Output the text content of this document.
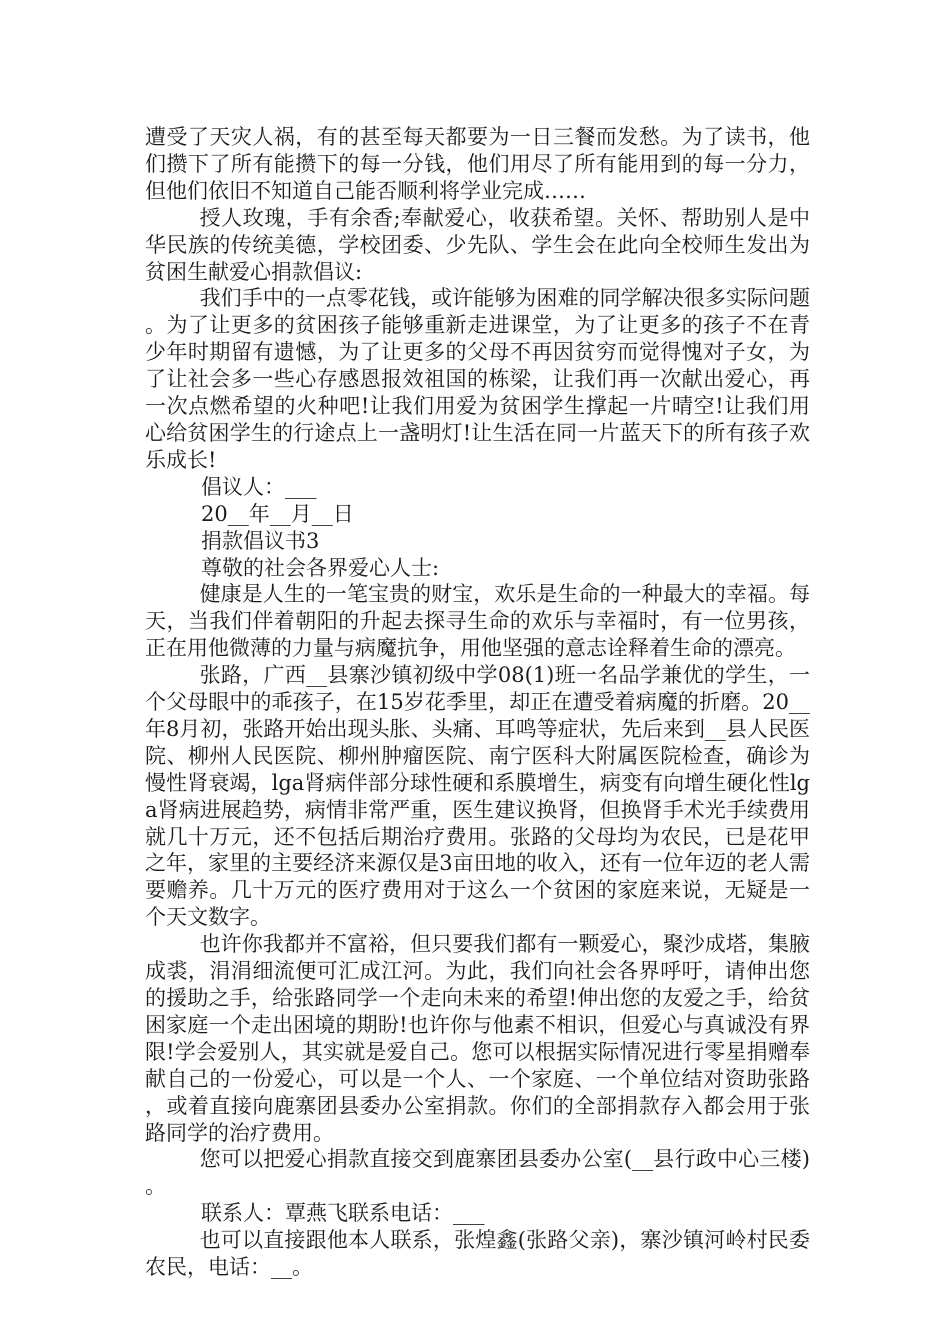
遭受了天灾人祸，有的甚至每天都要为一日三餐而发愁。为了读书，他们攒下了所有能攒下的每一分钱，他们用尽了所有能用到的每一分力，但他们依旧不知道自己能否顺利将学业完成……

授人玫瑰，手有余香;奉献爱心，收获希望。关怀、帮助别人是中华民族的传统美德，学校团委、少先队、学生会在此向全校师生发出为贫困生献爱心捐款倡议:

我们手中的一点零花钱，或许能够为困难的同学解决很多实际问题。为了让更多的贫困孩子能够重新走进课堂，为了让更多的孩子不在青少年时期留有遗憾，为了让更多的父母不再因贫穷而觉得愧对子女，为了让社会多一些心存感恩报效祖国的栋梁，让我们再一次献出爱心，再一次点燃希望的火种吧!让我们用爱为贫困学生撑起一片晴空!让我们用心给贫困学生的行途点上一盏明灯!让生活在同一片蓝天下的所有孩子欢乐成长!

倡议人：___

20__年__月__日

捐款倡议书3

尊敬的社会各界爱心人士:

健康是人生的一笔宝贵的财宝，欢乐是生命的一种最大的幸福。每天，当我们伴着朝阳的升起去探寻生命的欢乐与幸福时，有一位男孩，正在用他微薄的力量与病魔抗争，用他坚强的意志诠释着生命的漂亮。

张路，广西__县寨沙镇初级中学08(1)班一名品学兼优的学生，一个父母眼中的乖孩子，在15岁花季里，却正在遭受着病魔的折磨。20__年8月初，张路开始出现头胀、头痛、耳鸣等症状，先后来到__县人民医院、柳州人民医院、柳州肿瘤医院、南宁医科大附属医院检查，确诊为慢性肾衰竭，lga肾病伴部分球性硬和系膜增生，病变有向增生硬化性lga肾病进展趋势，病情非常严重，医生建议换肾，但换肾手术光手续费用就几十万元，还不包括后期治疗费用。张路的父母均为农民，已是花甲之年，家里的主要经济来源仅是3亩田地的收入，还有一位年迈的老人需要赡养。几十万元的医疗费用对于这么一个贫困的家庭来说，无疑是一个天文数字。

也许你我都并不富裕，但只要我们都有一颗爱心，聚沙成塔，集腋成裘，涓涓细流便可汇成江河。为此，我们向社会各界呼吁，请伸出您的援助之手，给张路同学一个走向未来的希望!伸出您的友爱之手，给贫困家庭一个走出困境的期盼!也许你与他素不相识，但爱心与真诚没有界限!学会爱别人，其实就是爱自己。您可以根据实际情况进行零星捐赠奉献自己的一份爱心，可以是一个人、一个家庭、一个单位结对资助张路，或着直接向鹿寨团县委办公室捐款。你们的全部捐款存入都会用于张路同学的治疗费用。

您可以把爱心捐款直接交到鹿寨团县委办公室(__县行政中心三楼)。

联系人：覃燕飞联系电话：___

也可以直接跟他本人联系，张煌鑫(张路父亲)，寨沙镇河岭村民委农民，电话：__。
